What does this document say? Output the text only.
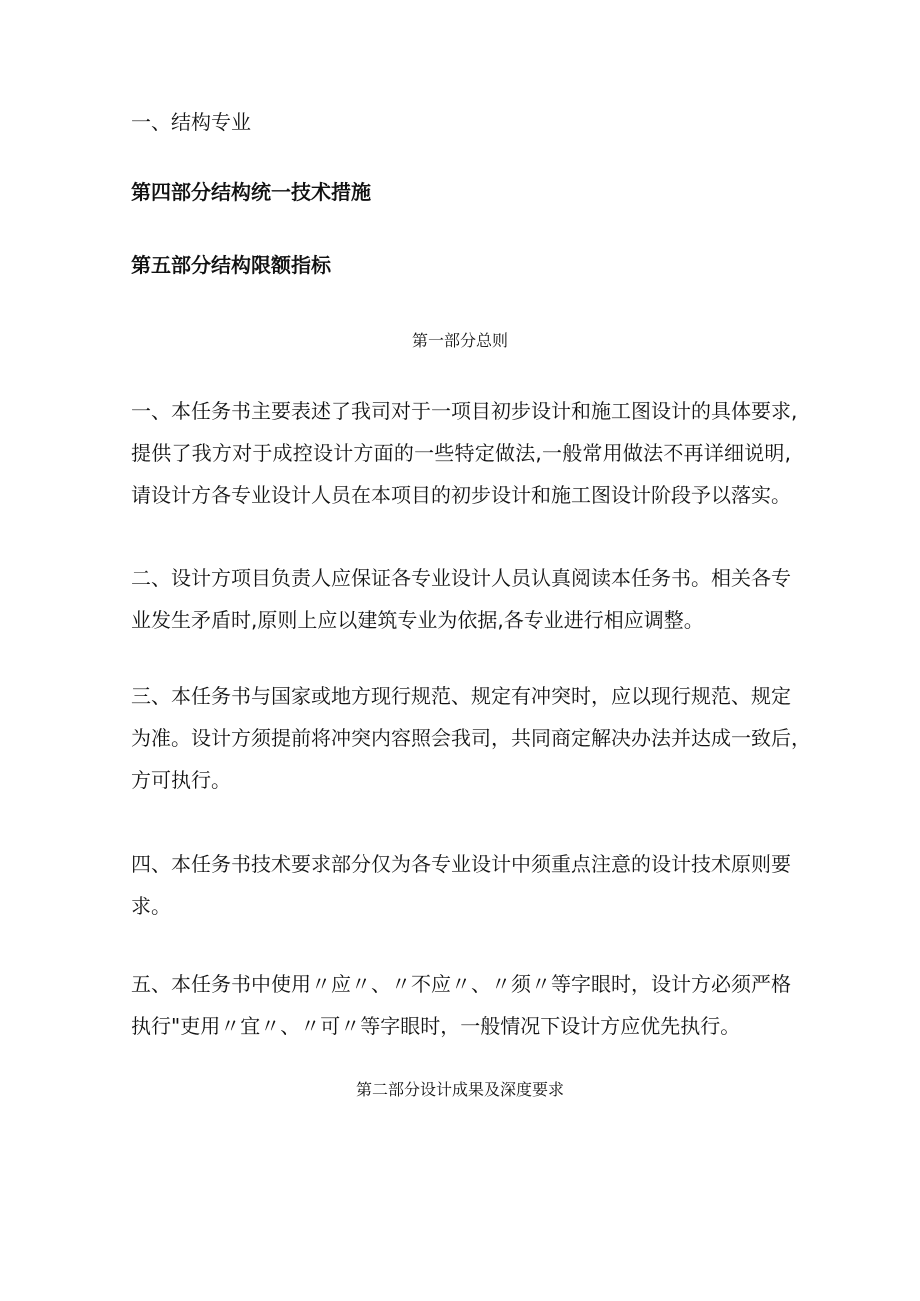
一、结构专业
第四部分结构统一技术措施
第五部分结构限额指标
第一部分总则
一、本任务书主要表述了我司对于一项目初步设计和施工图设计的具体要求,
提供了我方对于成控设计方面的一些特定做法,一般常用做法不再详细说明,
请设计方各专业设计人员在本项目的初步设计和施工图设计阶段予以落实。
二、设计方项目负责人应保证各专业设计人员认真阅读本任务书。相关各专
业发生矛盾时,原则上应以建筑专业为依据,各专业进行相应调整。
三、本任务书与国家或地方现行规范、规定有冲突时，应以现行规范、规定
为准。设计方须提前将冲突内容照会我司，共同商定解决办法并达成一致后，
方可执行。
四、本任务书技术要求部分仅为各专业设计中须重点注意的设计技术原则要
求。
五、本任务书中使用〃应〃、〃不应〃、〃须〃等字眼时，设计方必须严格
执行"吏用〃宜〃、〃可〃等字眼时，一般情况下设计方应优先执行。
第二部分设计成果及深度要求
